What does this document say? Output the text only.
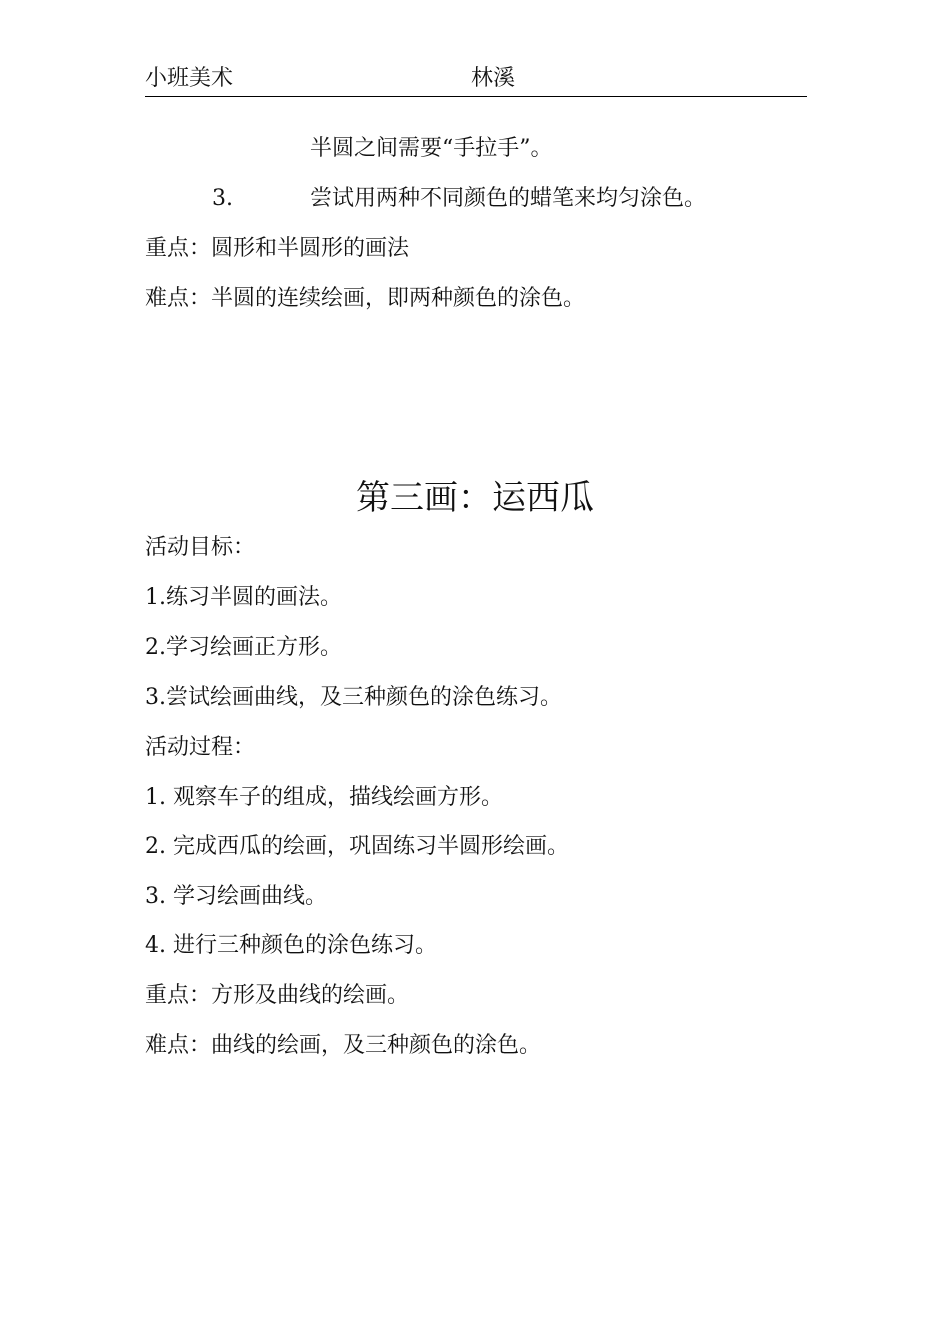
小班美术	林溪
半圆之间需要“手拉手”。
3.	尝试用两种不同颜色的蜡笔来均匀涂色。
重点：圆形和半圆形的画法
难点：半圆的连续绘画，即两种颜色的涂色。
第三画：运西瓜
活动目标：
1.练习半圆的画法。
2.学习绘画正方形。
3.尝试绘画曲线，及三种颜色的涂色练习。
活动过程：
1. 观察车子的组成，描线绘画方形。
2. 完成西瓜的绘画，巩固练习半圆形绘画。
3. 学习绘画曲线。
4. 进行三种颜色的涂色练习。
重点：方形及曲线的绘画。
难点：曲线的绘画，及三种颜色的涂色。
